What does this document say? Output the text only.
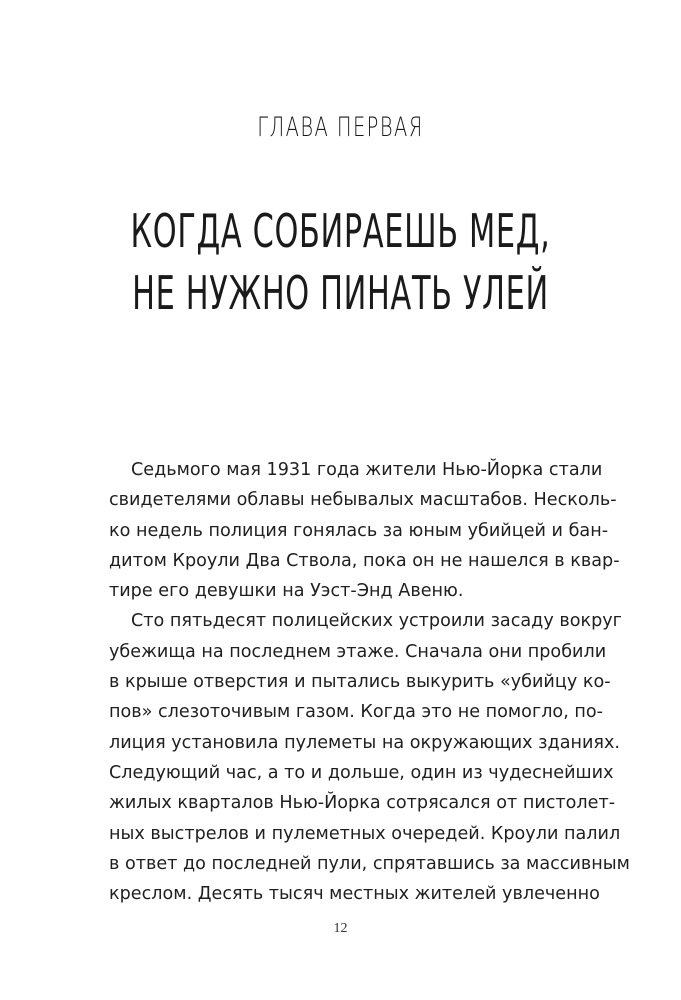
ГЛАВА ПЕРВАЯ
КОГДА СОБИРАЕШЬ МЕД,
НЕ НУЖНО ПИНАТЬ УЛЕЙ
Седьмого мая 1931 года жители Нью-Йорка стали
свидетелями облавы небывалых масштабов. Несколь-
ко недель полиция гонялась за юным убийцей и бан-
дитом Кроули Два Ствола, пока он не нашелся в квар-
тире его девушки на Уэст-Энд Авеню.
Сто пятьдесят полицейских устроили засаду вокруг
убежища на последнем этаже. Сначала они пробили
в крыше отверстия и пытались выкурить «убийцу ко-
пов» слезоточивым газом. Когда это не помогло, по-
лиция установила пулеметы на окружающих зданиях.
Следующий час, а то и дольше, один из чудеснейших
жилых кварталов Нью-Йорка сотрясался от пистолет-
ных выстрелов и пулеметных очередей. Кроули палил
в ответ до последней пули, спрятавшись за массивным
креслом. Десять тысяч местных жителей увлеченно
12
